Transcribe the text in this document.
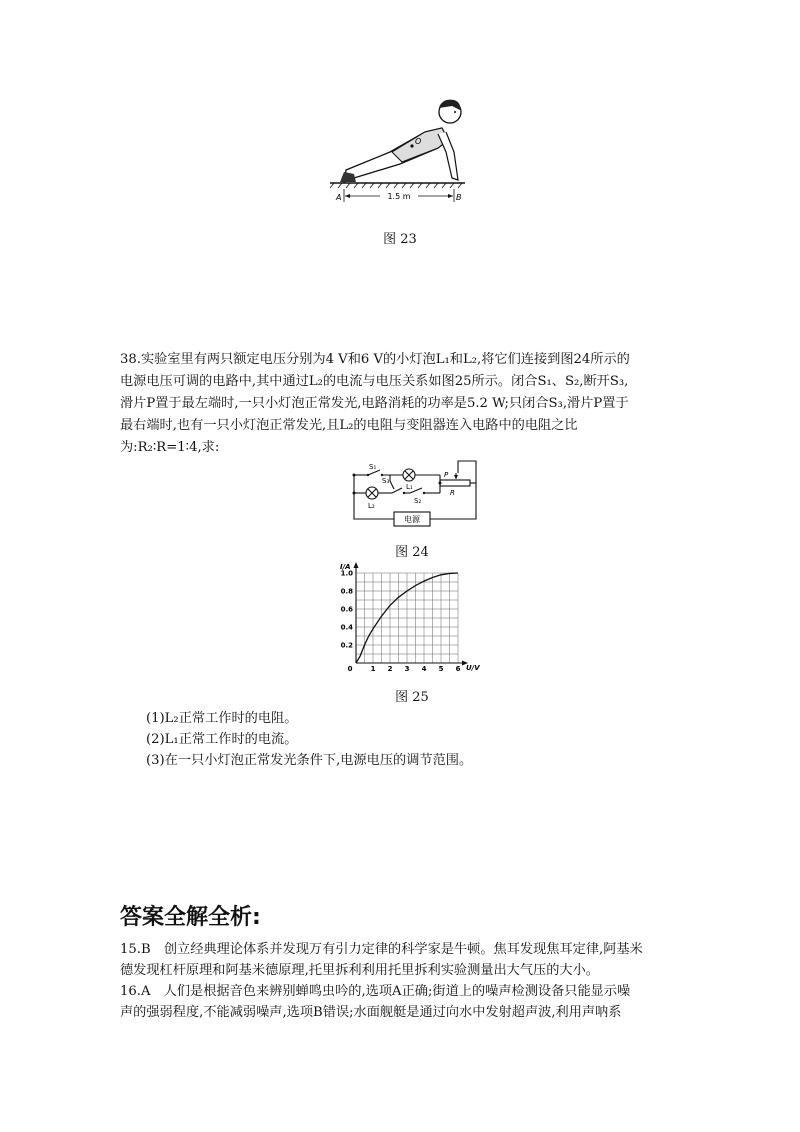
O
1.5 m
A	B
图 23
38.实验室里有两只额定电压分别为4 V和6 V的小灯泡L₁和L₂,将它们连接到图24所示的
电源电压可调的电路中,其中通过L₂的电流与电压关系如图25所示。闭合S₁、S₂,断开S₃,
滑片P置于最左端时,一只小灯泡正常发光,电路消耗的功率是5.2 W;只闭合S₃,滑片P置于
最右端时,也有一只小灯泡正常发光,且L₂的电阻与变阻器连入电路中的电阻之比
为:R₂∶R=1∶4,求:
S₁
S₃
S₂
L₁
L₂
P
R
电源
图 24
0	1 2 3 4 5 6
0.2
0.4
0.6
0.8
1.0
I/A
U/V
图 25
(1)L₂正常工作时的电阻。
(2)L₁正常工作时的电流。
(3)在一只小灯泡正常发光条件下,电源电压的调节范围。
答案全解全析:
15.B　创立经典理论体系并发现万有引力定律的科学家是牛顿。焦耳发现焦耳定律,阿基米
德发现杠杆原理和阿基米德原理,托里拆利利用托里拆利实验测量出大气压的大小。
16.A　人们是根据音色来辨别蝉鸣虫吟的,选项A正确;街道上的噪声检测设备只能显示噪
声的强弱程度,不能减弱噪声,选项B错误;水面舰艇是通过向水中发射超声波,利用声呐系
